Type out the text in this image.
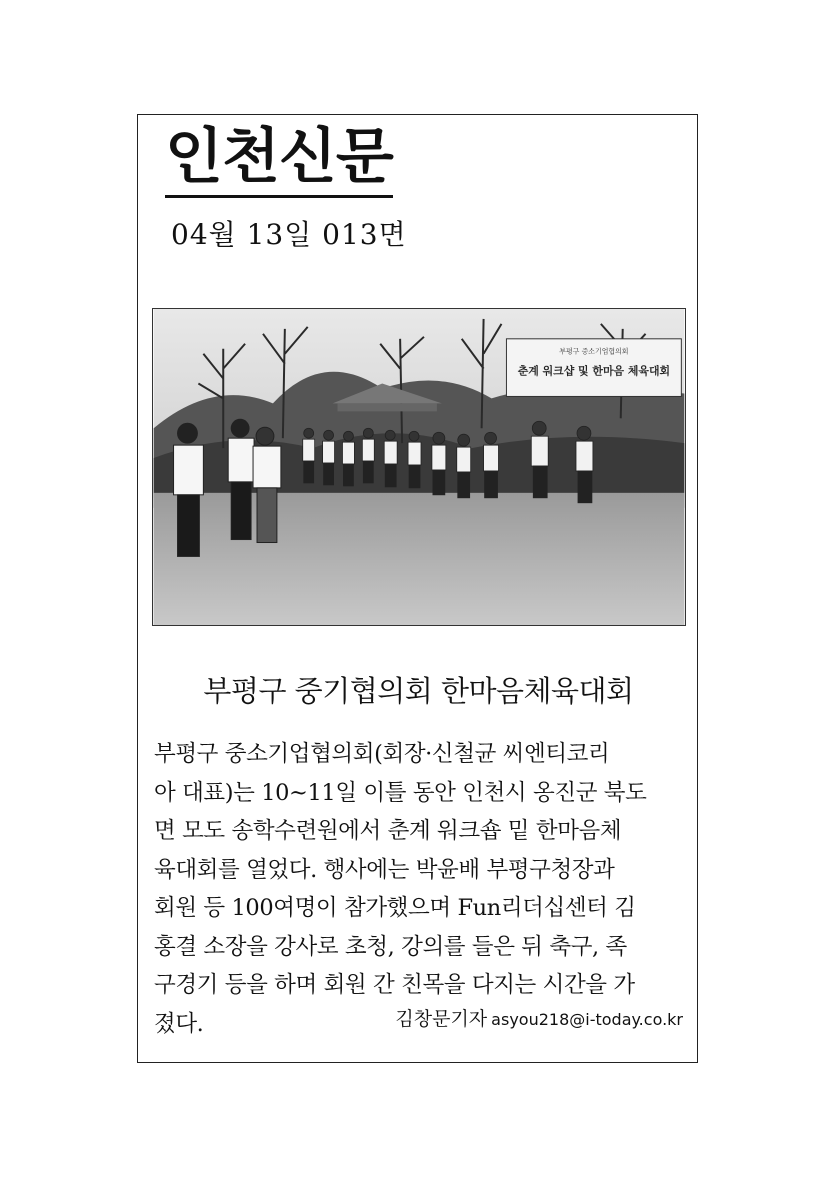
인천신문
04월 13일 013면
부평구 중소기업협의회
춘계 워크샵 및 한마음 체육대회
부평구 중기협의회 한마음체육대회
부평구 중소기업협의회(회장·신철균 씨엔티코리
아 대표)는 10~11일 이틀 동안 인천시 옹진군 북도
면 모도 송학수련원에서 춘계 워크숍 밑 한마음체
육대회를 열었다. 행사에는 박윤배 부평구청장과
회원 등 100여명이 참가했으며 Fun리더십센터 김
홍결 소장을 강사로 초청, 강의를 들은 뒤 축구, 족
구경기 등을 하며 회원 간 친목을 다지는 시간을 가
졌다.	김창문기자 asyou218@i-today.co.kr
